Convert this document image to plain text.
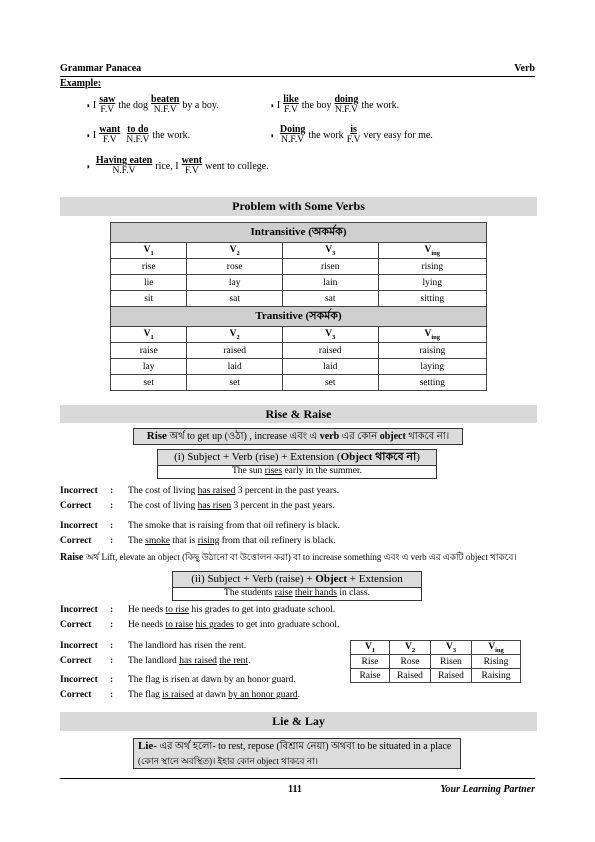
Grammar Panacea	Verb
Example:
◗ I $\frac{\text{saw}}{F.V}$ the dog $\frac{\text{beaten}}{N.F.V}$ by a boy.	◗ I $\frac{\text{like}}{F.V}$ the boy $\frac{\text{doing}}{N.F.V}$ the work.
◗ I $\frac{\text{want}}{F.V} \frac{\text{to do}}{N.F.V}$ the work.	◗ $\frac{\text{Doing}}{N.F.V}$ the work $\frac{is}{F.V}$ very easy for me.
◗ $\frac{\text{Having eaten}}{N.F.V}$ rice, I $\frac{\text{went}}{F.V}$ went to college.
Problem with Some Verbs
Intransitive (অকর্মক)			
$V_1$	$V_2$	$V_3$	$V_{ing}$
rise	rose	risen	rising
lie	lay	lain	lying
sit	sat	sat	sitting
Transitive (সকর্মক)			
$V_1$	$V_2$	$V_3$	$V_{ing}$
raise	raised	raised	raising
lay	laid	laid	laying
set	set	set	setting
Rise & Raise
Rise অর্থ to get up (ওঠা) , increase এবং এ verb এর কোন object থাকবে না।
(i) Subject + Verb (rise) + Extension (Object থাকবে না)
The sun rises early in the summer.
Incorrect : The cost of living has raised 3 percent in the past years.
Correct : The cost of living has risen 3 percent in the past years.
Incorrect : The smoke that is raising from that oil refinery is black.
Correct : The smoke that is rising from that oil refinery is black.
Raise অর্থ Lift, elevate an object (কিছু উঠানো বা উত্তোলন করা) বা to increase something এবং এ verb এর একটি object থাকবে।
(ii) Subject + Verb (raise) + Object + Extension
The students raise their hands in class.
Incorrect : He needs to rise his grades to get into graduate school.
Correct : He needs to raise his grades to get into graduate school.
Incorrect : The landlord has risen the rent.
Correct : The landlord has raised the rent.
Incorrect : The flag is risen at dawn by an honor guard.
Correct : The flag is raised at dawn by an honor guard.
$V_1$	$V_2$	$V_3$	$V_{ing}$
Rise	Rose	Risen	Rising
Raise	Raised	Raised	Raising
Lie & Lay
Lie- এর অর্থ হলো- to rest, repose (বিশ্রাম নেয়া) অথবা to be situated in a place
(কোন স্থানে অবস্থিত)। ইহার কোন object থাকবে না।
111	Your Learning Partner
